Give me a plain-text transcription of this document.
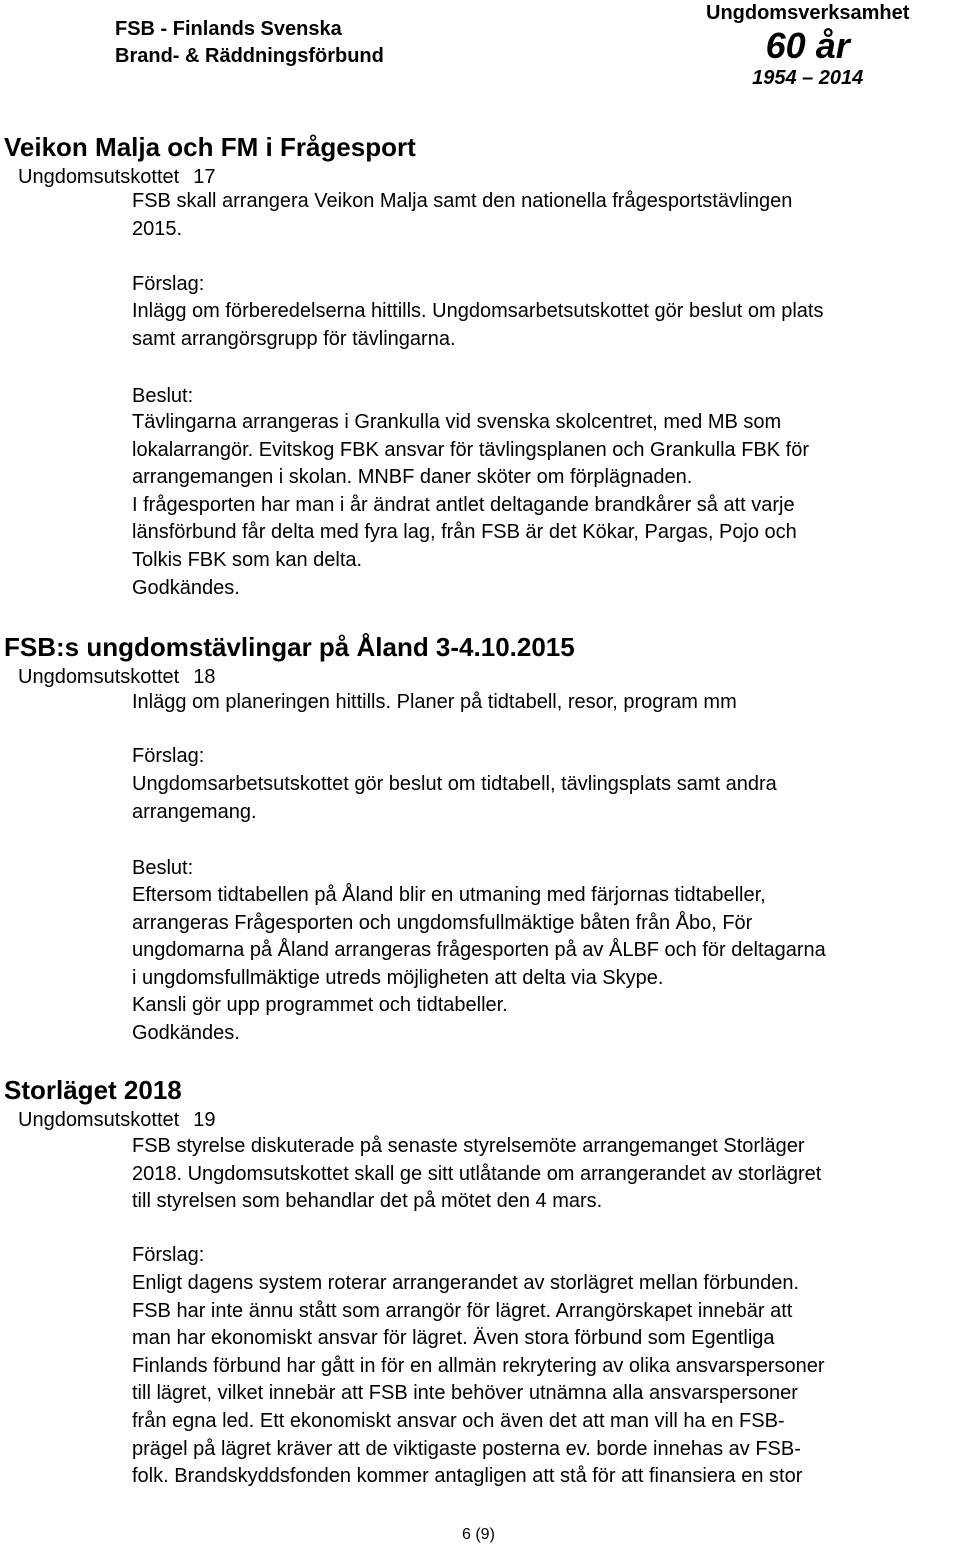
FSB - Finlands Svenska
Brand- & Räddningsförbund
Ungdomsverksamhet
60 år
1954 – 2014
Veikon Malja och FM i Frågesport
Ungdomsutskottet 17

FSB skall arrangera Veikon Malja samt den nationella frågesportstävlingen

2015.

Förslag:

Inlägg om förberedelserna hittills. Ungdomsarbetsutskottet gör beslut om plats

samt arrangörsgrupp för tävlingarna.

Beslut:

Tävlingarna arrangeras i Grankulla vid svenska skolcentret, med MB som

lokalarrangör. Evitskog FBK ansvar för tävlingsplanen och Grankulla FBK för

arrangemangen i skolan. MNBF daner sköter om förplägnaden.

I frågesporten har man i år ändrat antlet deltagande brandkårer så att varje

länsförbund får delta med fyra lag, från FSB är det Kökar, Pargas, Pojo och

Tolkis FBK som kan delta.

Godkändes.

FSB:s ungdomstävlingar på Åland 3-4.10.2015
Ungdomsutskottet 18

Inlägg om planeringen hittills. Planer på tidtabell, resor, program mm

Förslag:

Ungdomsarbetsutskottet gör beslut om tidtabell, tävlingsplats samt andra

arrangemang.

Beslut:

Eftersom tidtabellen på Åland blir en utmaning med färjornas tidtabeller,

arrangeras Frågesporten och ungdomsfullmäktige båten från Åbo, För

ungdomarna på Åland arrangeras frågesporten på av ÅLBF och för deltagarna

i ungdomsfullmäktige utreds möjligheten att delta via Skype.

Kansli gör upp programmet och tidtabeller.

Godkändes.

Storläget 2018
Ungdomsutskottet 19

FSB styrelse diskuterade på senaste styrelsemöte arrangemanget Storläger

2018. Ungdomsutskottet skall ge sitt utlåtande om arrangerandet av storlägret

till styrelsen som behandlar det på mötet den 4 mars.

Förslag:

Enligt dagens system roterar arrangerandet av storlägret mellan förbunden.

FSB har inte ännu stått som arrangör för lägret. Arrangörskapet innebär att

man har ekonomiskt ansvar för lägret. Även stora förbund som Egentliga

Finlands förbund har gått in för en allmän rekrytering av olika ansvarspersoner

till lägret, vilket innebär att FSB inte behöver utnämna alla ansvarspersoner

från egna led. Ett ekonomiskt ansvar och även det att man vill ha en FSB-

prägel på lägret kräver att de viktigaste posterna ev. borde innehas av FSB-

folk. Brandskyddsfonden kommer antagligen att stå för att finansiera en stor

6 (9)
